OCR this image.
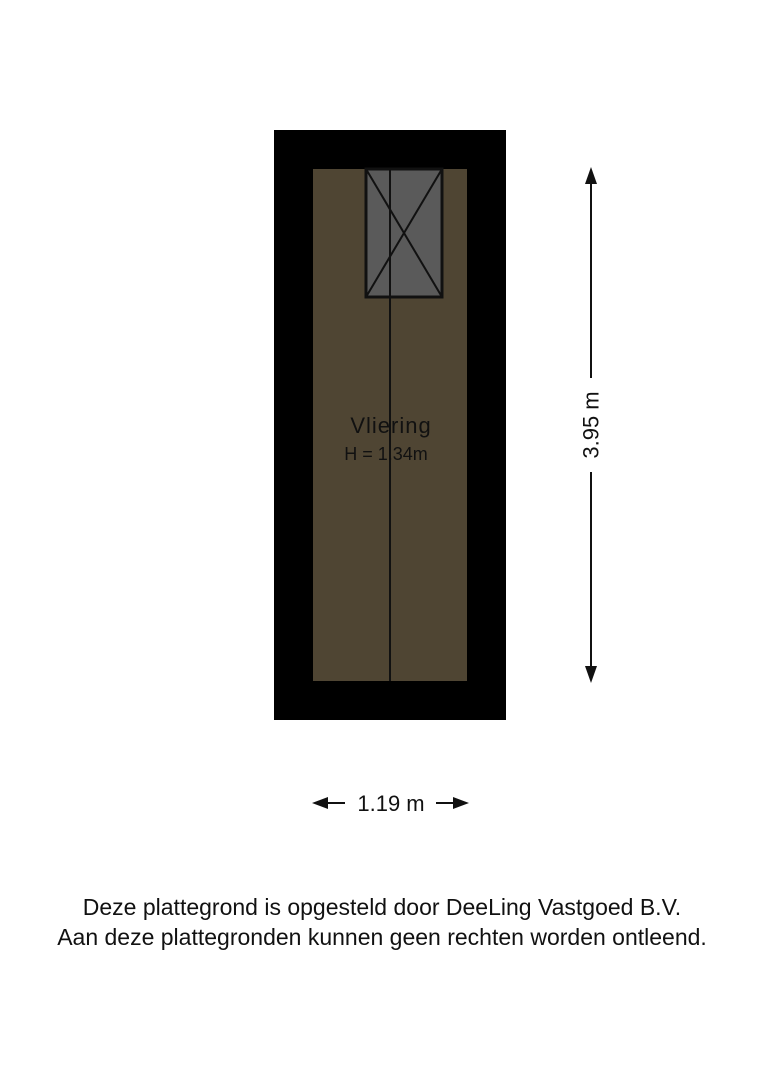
Vliering
H = 1.34m	3.95 m
1.19 m
Deze plattegrond is opgesteld door DeeLing Vastgoed B.V.
Aan deze plattegronden kunnen geen rechten worden ontleend.
